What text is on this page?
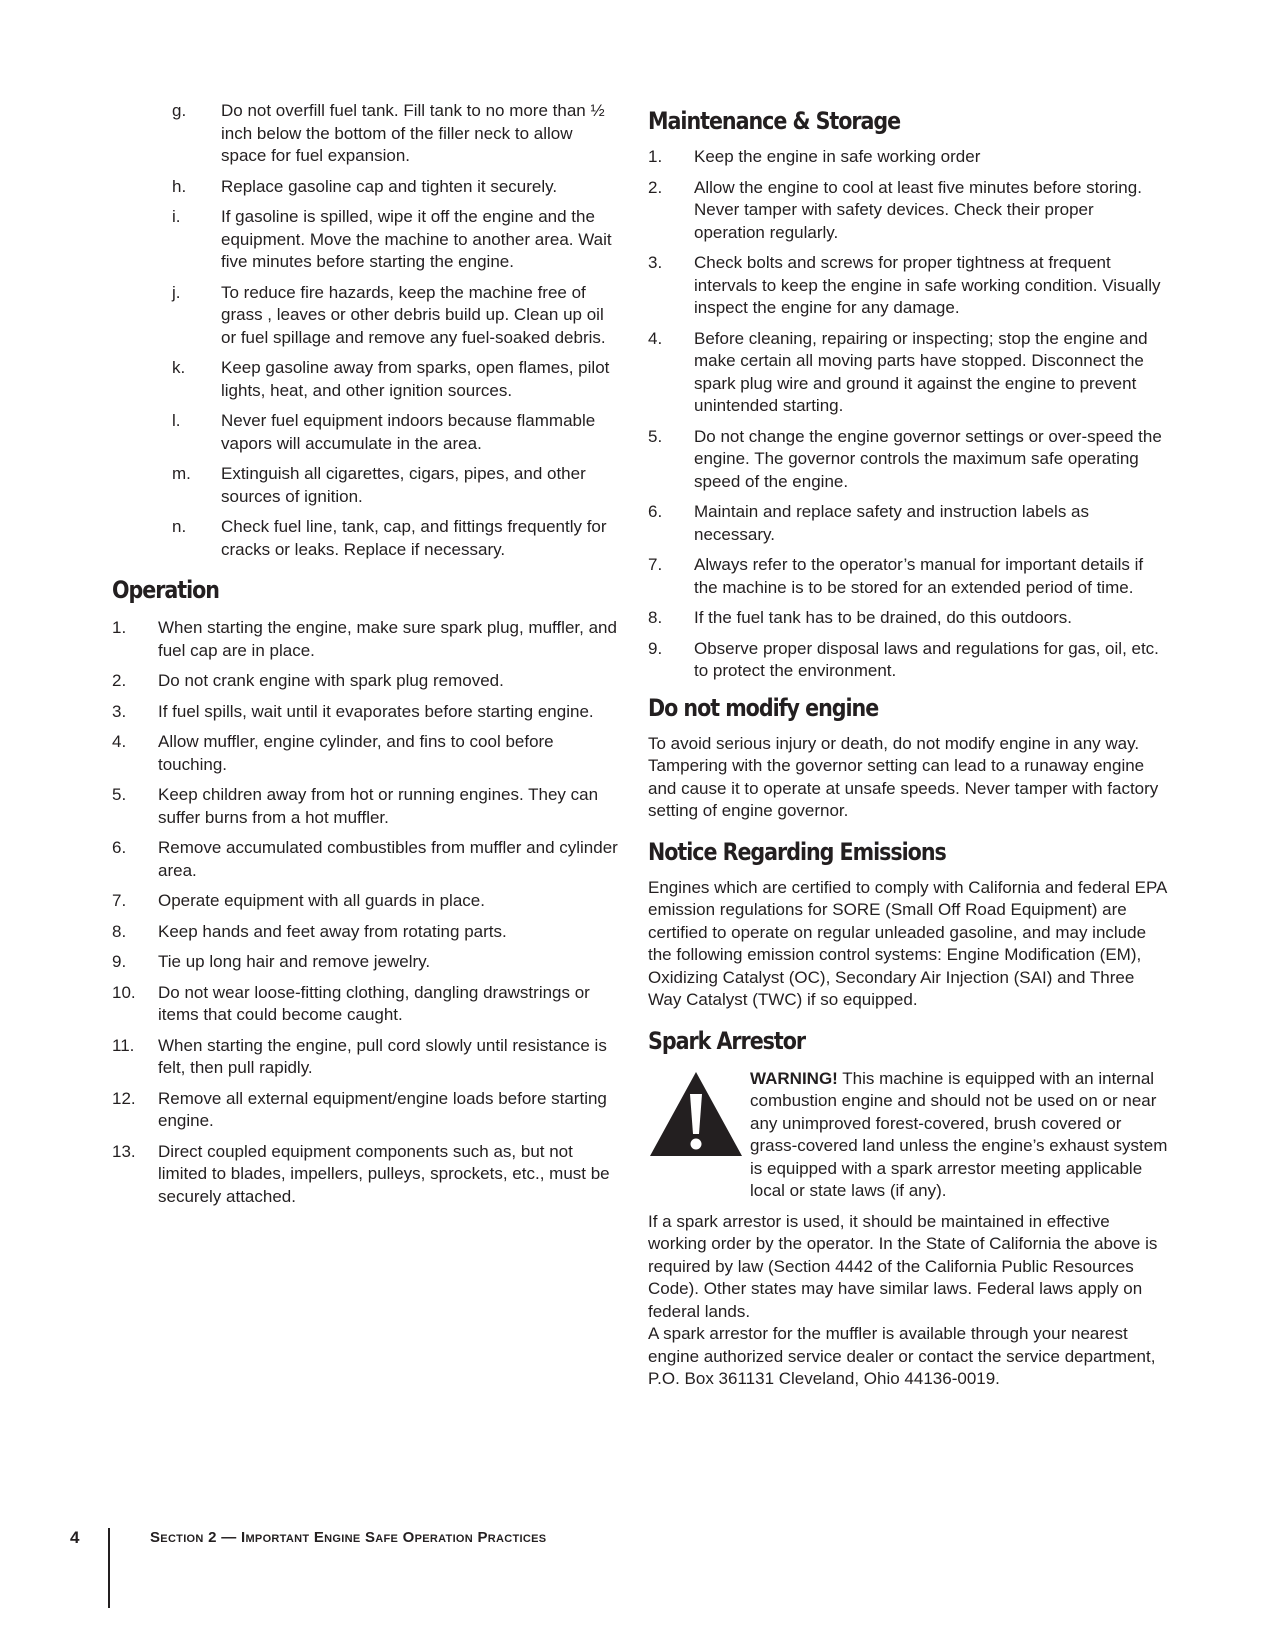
g.	Do not overfill fuel tank. Fill tank to no more than ½ inch below the bottom of the filler neck to allow space for fuel expansion.
h.	Replace gasoline cap and tighten it securely.
i.	If gasoline is spilled, wipe it off the engine and the equipment. Move the machine to another area. Wait five minutes before starting the engine.
j.	To reduce fire hazards, keep the machine free of grass , leaves or other debris build up. Clean up oil or fuel spillage and remove any fuel-soaked debris.
k.	Keep gasoline away from sparks, open flames, pilot lights, heat, and other ignition sources.
l.	Never fuel equipment indoors because flammable vapors will accumulate in the area.
m.	Extinguish all cigarettes, cigars, pipes, and other sources of ignition.
n.	Check fuel line, tank, cap, and fittings frequently for cracks or leaks. Replace if necessary.
Operation
1.	When starting the engine, make sure spark plug, muffler, and fuel cap are in place.
2.	Do not crank engine with spark plug removed.
3.	If fuel spills, wait until it evaporates before starting engine.
4.	Allow muffler, engine cylinder, and fins to cool before touching.
5.	Keep children away from hot or running engines. They can suffer burns from a hot muffler.
6.	Remove accumulated combustibles from muffler and cylinder area.
7.	Operate equipment with all guards in place.
8.	Keep hands and feet away from rotating parts.
9.	Tie up long hair and remove jewelry.
10.	Do not wear loose-fitting clothing, dangling drawstrings or items that could become caught.
11.	When starting the engine, pull cord slowly until resistance is felt, then pull rapidly.
12.	Remove all external equipment/engine loads before starting engine.
13.	Direct coupled equipment components such as, but not limited to blades, impellers, pulleys, sprockets, etc., must be securely attached.
Maintenance & Storage
1.	Keep the engine in safe working order
2.	Allow the engine to cool at least five minutes before storing. Never tamper with safety devices. Check their proper operation regularly.
3.	Check bolts and screws for proper tightness at frequent intervals to keep the engine in safe working condition. Visually inspect the engine for any damage.
4.	Before cleaning, repairing or inspecting; stop the engine and make certain all moving parts have stopped. Disconnect the spark plug wire and ground it against the engine to prevent unintended starting.
5.	Do not change the engine governor settings or over-speed the engine. The governor controls the maximum safe operating speed of the engine.
6.	Maintain and replace safety and instruction labels as necessary.
7.	Always refer to the operator’s manual for important details if the machine is to be stored for an extended period of time.
8.	If the fuel tank has to be drained, do this outdoors.
9.	Observe proper disposal laws and regulations for gas, oil, etc. to protect the environment.
Do not modify engine

To avoid serious injury or death, do not modify engine in any way. Tampering with the governor setting can lead to a runaway engine and cause it to operate at unsafe speeds. Never tamper with factory setting of engine governor.

Notice Regarding Emissions

Engines which are certified to comply with California and federal EPA emission regulations for SORE (Small Off Road Equipment) are certified to operate on regular unleaded gasoline, and may include the following emission control systems: Engine Modification (EM), Oxidizing Catalyst (OC), Secondary Air Injection (SAI) and Three Way Catalyst (TWC) if so equipped.

Spark Arrestor
WARNING! This machine is equipped with an internal combustion engine and should not be used on or near any unimproved forest-covered, brush covered or grass-covered land unless the engine’s exhaust system is equipped with a spark arrestor meeting applicable local or state laws (if any).

If a spark arrestor is used, it should be maintained in effective working order by the operator. In the State of California the above is required by law (Section 4442 of the California Public Resources Code). Other states may have similar laws. Federal laws apply on federal lands.

A spark arrestor for the muffler is available through your nearest engine authorized service dealer or contact the service department, P.O. Box 361131 Cleveland, Ohio 44136-0019.

4	Section 2 — Important Engine Safe Operation Practices
